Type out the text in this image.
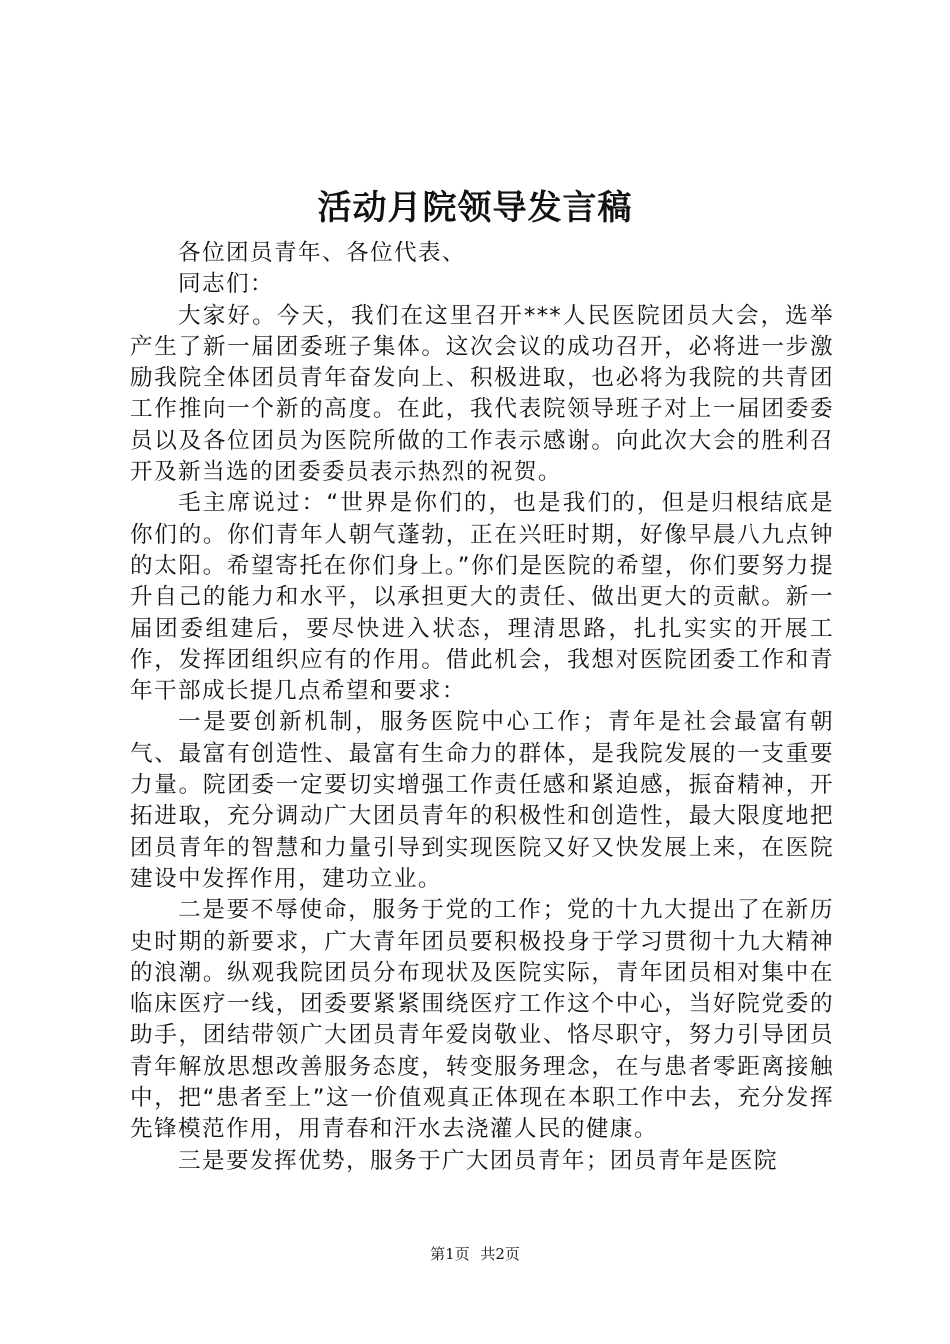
活动月院领导发言稿

各位团员青年、各位代表、

同志们：

大家好。今天，我们在这里召开***人民医院团员大会，选举产生了新一届团委班子集体。这次会议的成功召开，必将进一步激励我院全体团员青年奋发向上、积极进取，也必将为我院的共青团工作推向一个新的高度。在此，我代表院领导班子对上一届团委委员以及各位团员为医院所做的工作表示感谢。向此次大会的胜利召开及新当选的团委委员表示热烈的祝贺。

毛主席说过：“世界是你们的，也是我们的，但是归根结底是你们的。你们青年人朝气蓬勃，正在兴旺时期，好像早晨八九点钟的太阳。希望寄托在你们身上。”你们是医院的希望，你们要努力提升自己的能力和水平，以承担更大的责任、做出更大的贡献。新一届团委组建后，要尽快进入状态，理清思路，扎扎实实的开展工作，发挥团组织应有的作用。借此机会，我想对医院团委工作和青年干部成长提几点希望和要求：

一是要创新机制，服务医院中心工作；青年是社会最富有朝气、最富有创造性、最富有生命力的群体，是我院发展的一支重要力量。院团委一定要切实增强工作责任感和紧迫感，振奋精神，开拓进取，充分调动广大团员青年的积极性和创造性，最大限度地把团员青年的智慧和力量引导到实现医院又好又快发展上来，在医院建设中发挥作用，建功立业。

二是要不辱使命，服务于党的工作；党的十九大提出了在新历史时期的新要求，广大青年团员要积极投身于学习贯彻十九大精神的浪潮。纵观我院团员分布现状及医院实际，青年团员相对集中在临床医疗一线，团委要紧紧围绕医疗工作这个中心，当好院党委的助手，团结带领广大团员青年爱岗敬业、恪尽职守，努力引导团员青年解放思想改善服务态度，转变服务理念，在与患者零距离接触中，把“患者至上”这一价值观真正体现在本职工作中去，充分发挥先锋模范作用，用青春和汗水去浇灌人民的健康。

三是要发挥优势，服务于广大团员青年；团员青年是医院

第1页 共2页
